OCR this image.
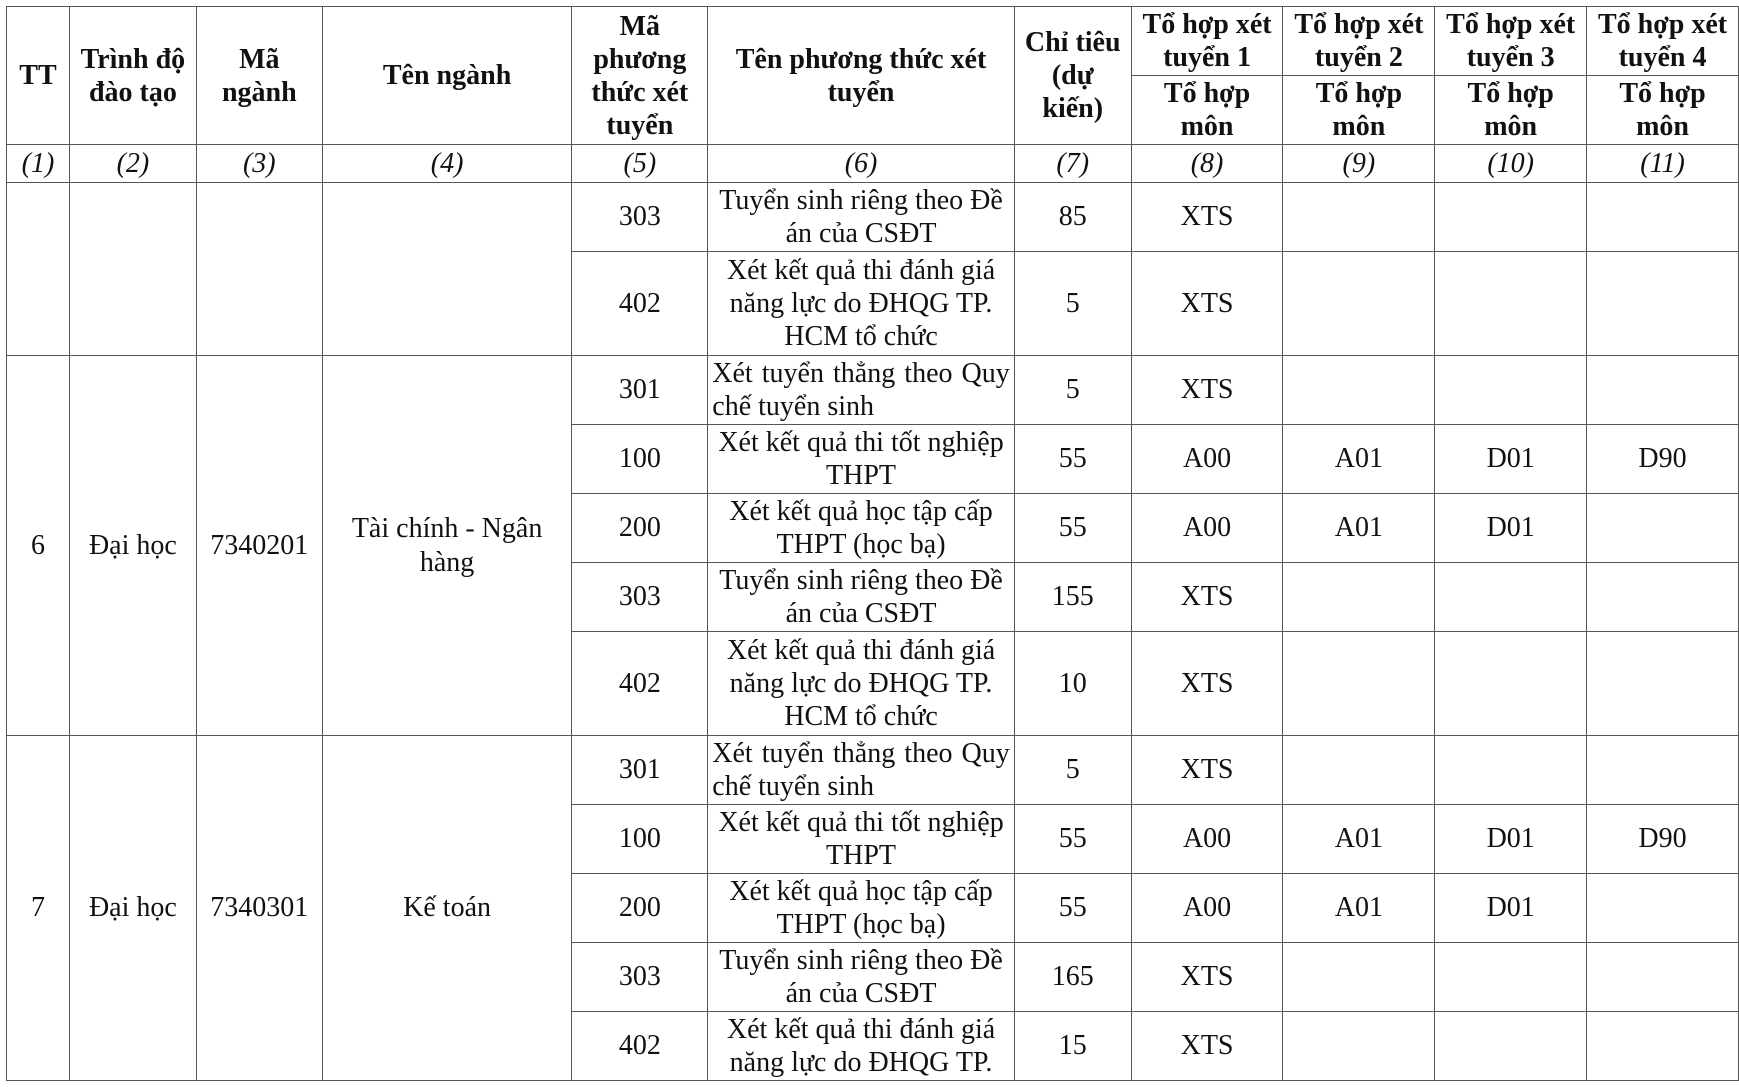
TT	Trình độ đào tạo	Mã ngành	Tên ngành	Mã phương thức xét tuyển	Tên phương thức xét tuyển	Chỉ tiêu (dự kiến)	Tổ hợp xét tuyển 1	Tổ hợp xét tuyển 2	Tổ hợp xét tuyển 3	Tổ hợp xét tuyển 4
							Tổ hợp môn	Tổ hợp môn	Tổ hợp môn	Tổ hợp môn
(1)	(2)	(3)	(4)	(5)	(6)	(7)	(8)	(9)	(10)	(11)
				303	Tuyển sinh riêng theo Đề án của CSĐT	85	XTS			
				402	Xét kết quả thi đánh giá năng lực do ĐHQG TP. HCM tổ chức	5	XTS			
6	Đại học	7340201	Tài chính - Ngân hàng	301	Xét tuyển thẳng theo Quy chế tuyển sinh	5	XTS			
				100	Xét kết quả thi tốt nghiệp THPT	55	A00	A01	D01	D90
				200	Xét kết quả học tập cấp THPT (học bạ)	55	A00	A01	D01	
				303	Tuyển sinh riêng theo Đề án của CSĐT	155	XTS			
				402	Xét kết quả thi đánh giá năng lực do ĐHQG TP. HCM tổ chức	10	XTS			
7	Đại học	7340301	Kế toán	301	Xét tuyển thẳng theo Quy chế tuyển sinh	5	XTS			
				100	Xét kết quả thi tốt nghiệp THPT	55	A00	A01	D01	D90
				200	Xét kết quả học tập cấp THPT (học bạ)	55	A00	A01	D01	
				303	Tuyển sinh riêng theo Đề án của CSĐT	165	XTS			
				402	Xét kết quả thi đánh giá năng lực do ĐHQG TP.	15	XTS			
